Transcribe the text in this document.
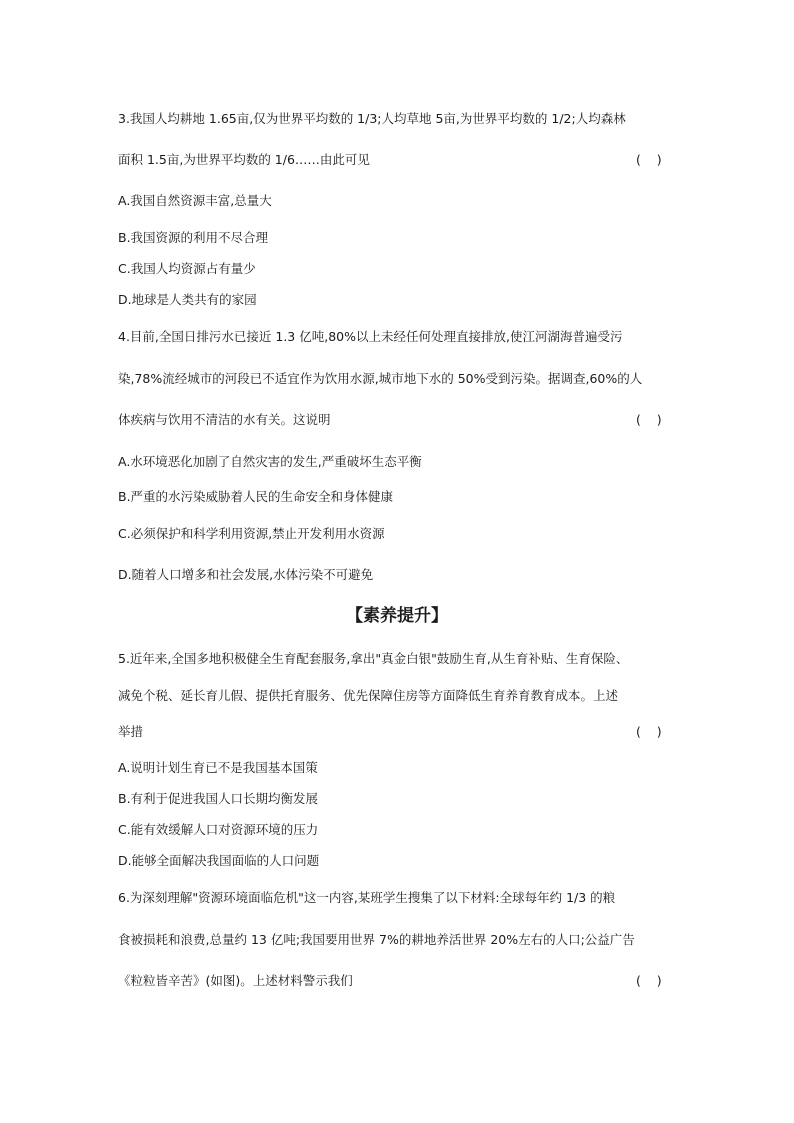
3.我国人均耕地 1.65亩,仅为世界平均数的 1/3;人均草地 5亩,为世界平均数的 1/2;人均森林
面积 1.5亩,为世界平均数的 1/6……由此可见	(    )
A.我国自然资源丰富,总量大
B.我国资源的利用不尽合理
C.我国人均资源占有量少
D.地球是人类共有的家园
4.目前,全国日排污水已接近 1.3 亿吨,80%以上未经任何处理直接排放,使江河湖海普遍受污
染,78%流经城市的河段已不适宜作为饮用水源,城市地下水的 50%受到污染。据调查,60%的人
体疾病与饮用不清洁的水有关。这说明	(    )
A.水环境恶化加剧了自然灾害的发生,严重破坏生态平衡
B.严重的水污染威胁着人民的生命安全和身体健康
C.必须保护和科学利用资源,禁止开发利用水资源
D.随着人口增多和社会发展,水体污染不可避免
【素养提升】
5.近年来,全国多地积极健全生育配套服务,拿出"真金白银"鼓励生育,从生育补贴、生育保险、
减免个税、延长育儿假、提供托育服务、优先保障住房等方面降低生育养育教育成本。上述
举措	(    )
A.说明计划生育已不是我国基本国策
B.有利于促进我国人口长期均衡发展
C.能有效缓解人口对资源环境的压力
D.能够全面解决我国面临的人口问题
6.为深刻理解"资源环境面临危机"这一内容,某班学生搜集了以下材料:全球每年约 1/3 的粮
食被损耗和浪费,总量约 13 亿吨;我国要用世界 7%的耕地养活世界 20%左右的人口;公益广告
《粒粒皆辛苦》(如图)。上述材料警示我们	(    )
